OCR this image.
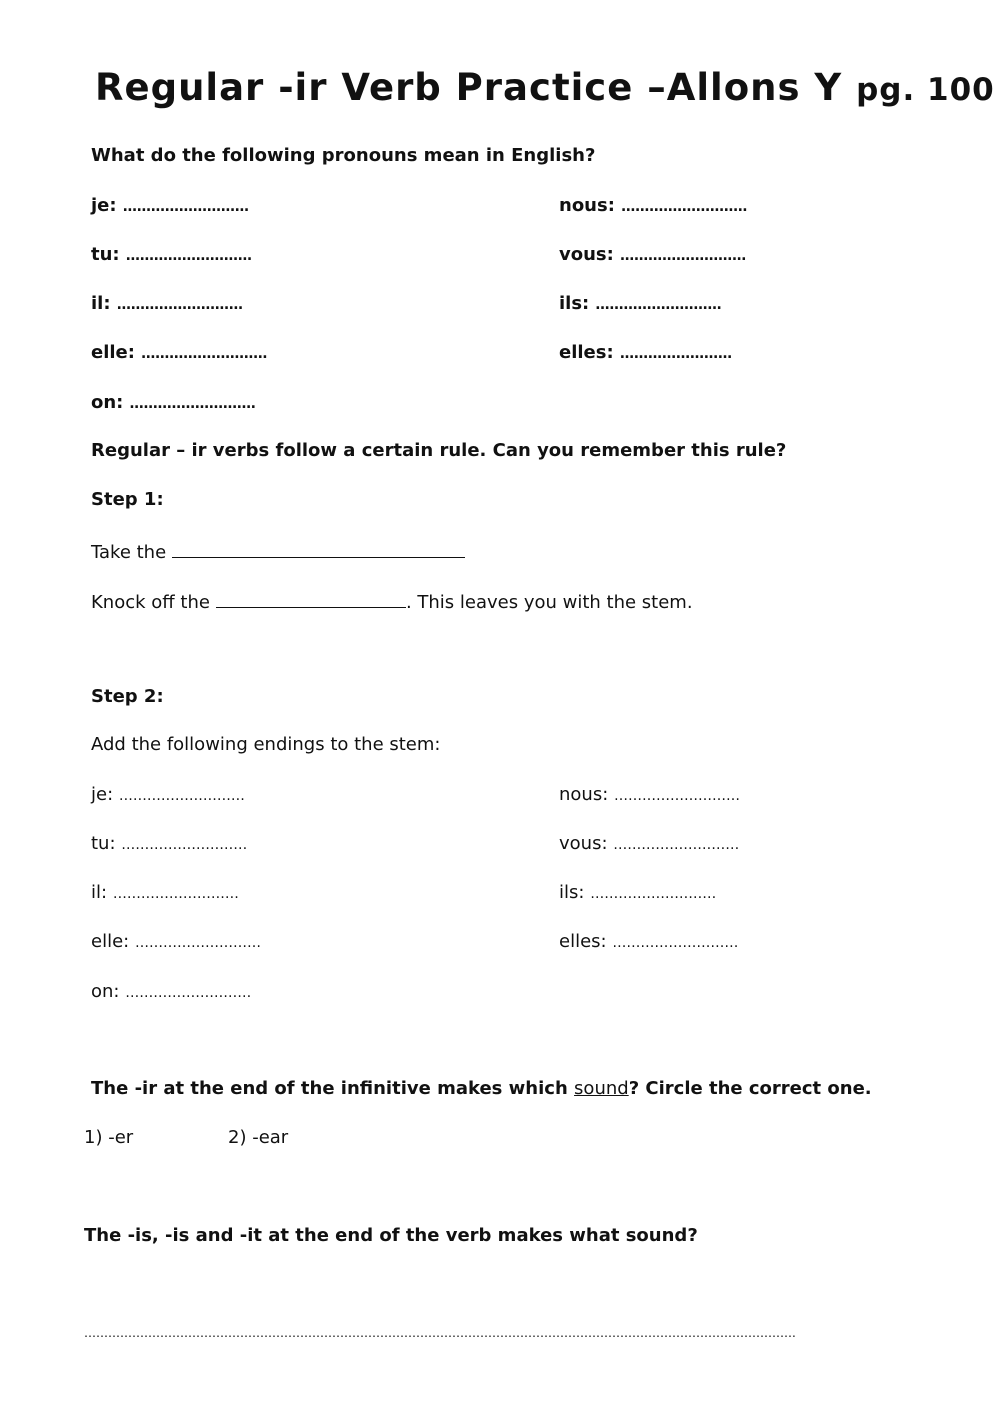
Regular -ir Verb Practice –Allons Y pg. 100
What do the following pronouns mean in English?
je: ………………………
tu: ………………………
il: ………………………
elle: ………………………
on: ………………………
nous: ………………………
vous: ………………………
ils: ………………………
elles: ……………………
Regular – ir verbs follow a certain rule. Can you remember this rule?
Step 1:
Take the
Knock off the	. This leaves you with the stem.
Step 2:
Add the following endings to the stem:
je: ………………………
tu: ………………………
il: ………………………
elle: ………………………
on: ………………………
nous: ………………………
vous: ………………………
ils: ………………………
elles: ………………………
The -ir at the end of the infinitive makes which sound? Circle the correct one.
1) -er	2) -ear
The -is, -is and -it at the end of the verb makes what sound?
…………………………………………………………………………………………………………………………………………………………….
